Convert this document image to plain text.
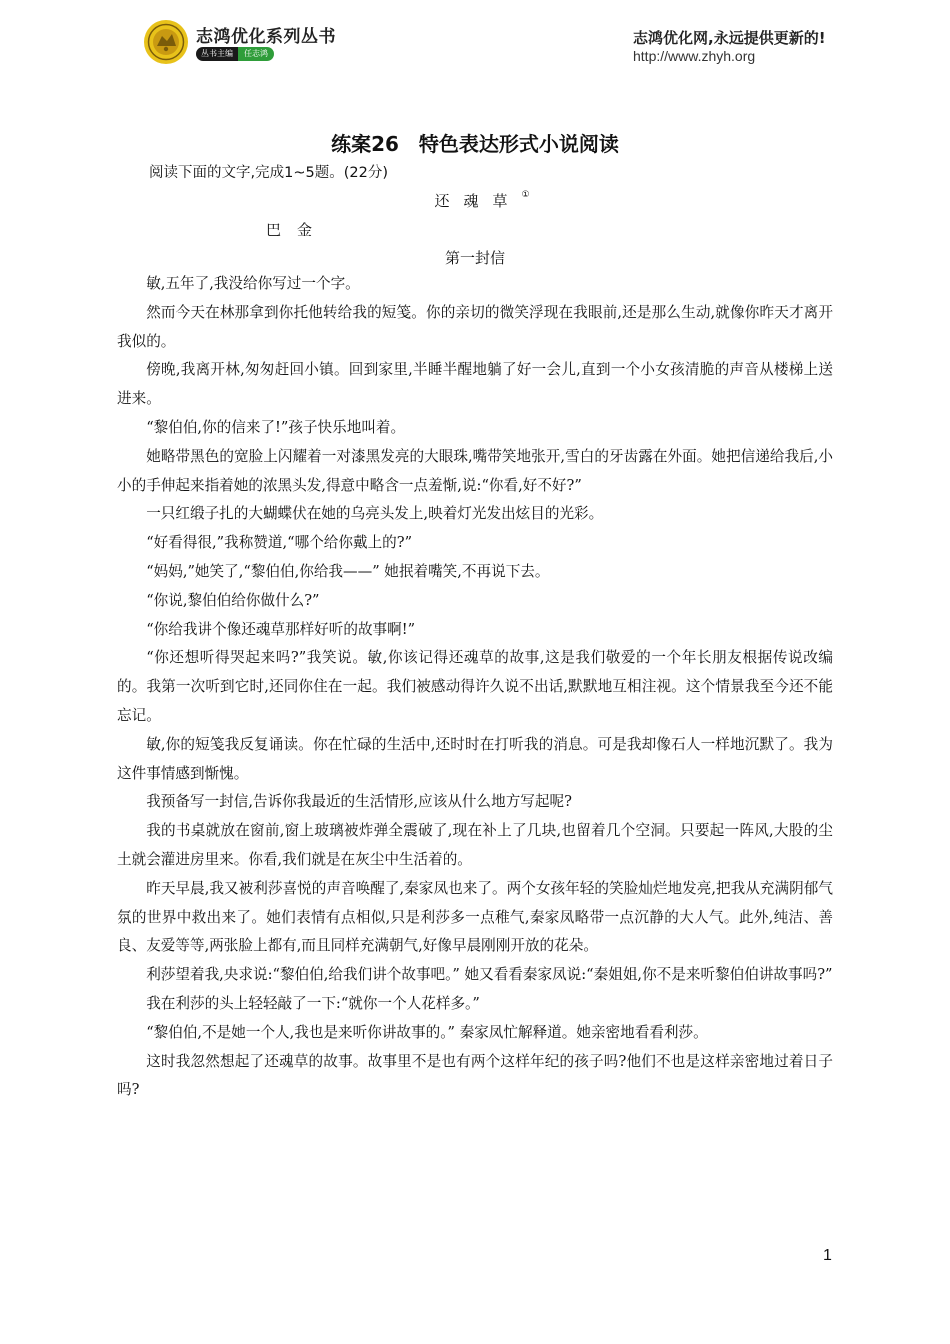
志鸿优化系列丛书
丛书主编	任志鸿
志鸿优化网,永远提供更新的!
http://www.zhyh.org
练案26　特色表达形式小说阅读
阅读下面的文字,完成1~5题。(22分)
还魂草①
巴金
第一封信

敏,五年了,我没给你写过一个字。

然而今天在林那拿到你托他转给我的短笺。你的亲切的微笑浮现在我眼前,还是那么生动,就像你昨天才离开我似的。

傍晚,我离开林,匆匆赶回小镇。回到家里,半睡半醒地躺了好一会儿,直到一个小女孩清脆的声音从楼梯上送进来。

“黎伯伯,你的信来了!”孩子快乐地叫着。

她略带黑色的宽脸上闪耀着一对漆黑发亮的大眼珠,嘴带笑地张开,雪白的牙齿露在外面。她把信递给我后,小小的手伸起来指着她的浓黑头发,得意中略含一点羞惭,说:“你看,好不好?”

一只红缎子扎的大蝴蝶伏在她的乌亮头发上,映着灯光发出炫目的光彩。

“好看得很,”我称赞道,“哪个给你戴上的?”

“妈妈,”她笑了,“黎伯伯,你给我——” 她抿着嘴笑,不再说下去。

“你说,黎伯伯给你做什么?”

“你给我讲个像还魂草那样好听的故事啊!”

“你还想听得哭起来吗?”我笑说。敏,你该记得还魂草的故事,这是我们敬爱的一个年长朋友根据传说改编的。我第一次听到它时,还同你住在一起。我们被感动得许久说不出话,默默地互相注视。这个情景我至今还不能忘记。

敏,你的短笺我反复诵读。你在忙碌的生活中,还时时在打听我的消息。可是我却像石人一样地沉默了。我为这件事情感到惭愧。

我预备写一封信,告诉你我最近的生活情形,应该从什么地方写起呢?

我的书桌就放在窗前,窗上玻璃被炸弹全震破了,现在补上了几块,也留着几个空洞。只要起一阵风,大股的尘土就会灌进房里来。你看,我们就是在灰尘中生活着的。

昨天早晨,我又被利莎喜悦的声音唤醒了,秦家凤也来了。两个女孩年轻的笑脸灿烂地发亮,把我从充满阴郁气氛的世界中救出来了。她们表情有点相似,只是利莎多一点稚气,秦家凤略带一点沉静的大人气。此外,纯洁、善良、友爱等等,两张脸上都有,而且同样充满朝气,好像早晨刚刚开放的花朵。

利莎望着我,央求说:“黎伯伯,给我们讲个故事吧。” 她又看看秦家凤说:“秦姐姐,你不是来听黎伯伯讲故事吗?”

我在利莎的头上轻轻敲了一下:“就你一个人花样多。”

“黎伯伯,不是她一个人,我也是来听你讲故事的。” 秦家凤忙解释道。她亲密地看看利莎。

这时我忽然想起了还魂草的故事。故事里不是也有两个这样年纪的孩子吗?他们不也是这样亲密地过着日子吗?

1
